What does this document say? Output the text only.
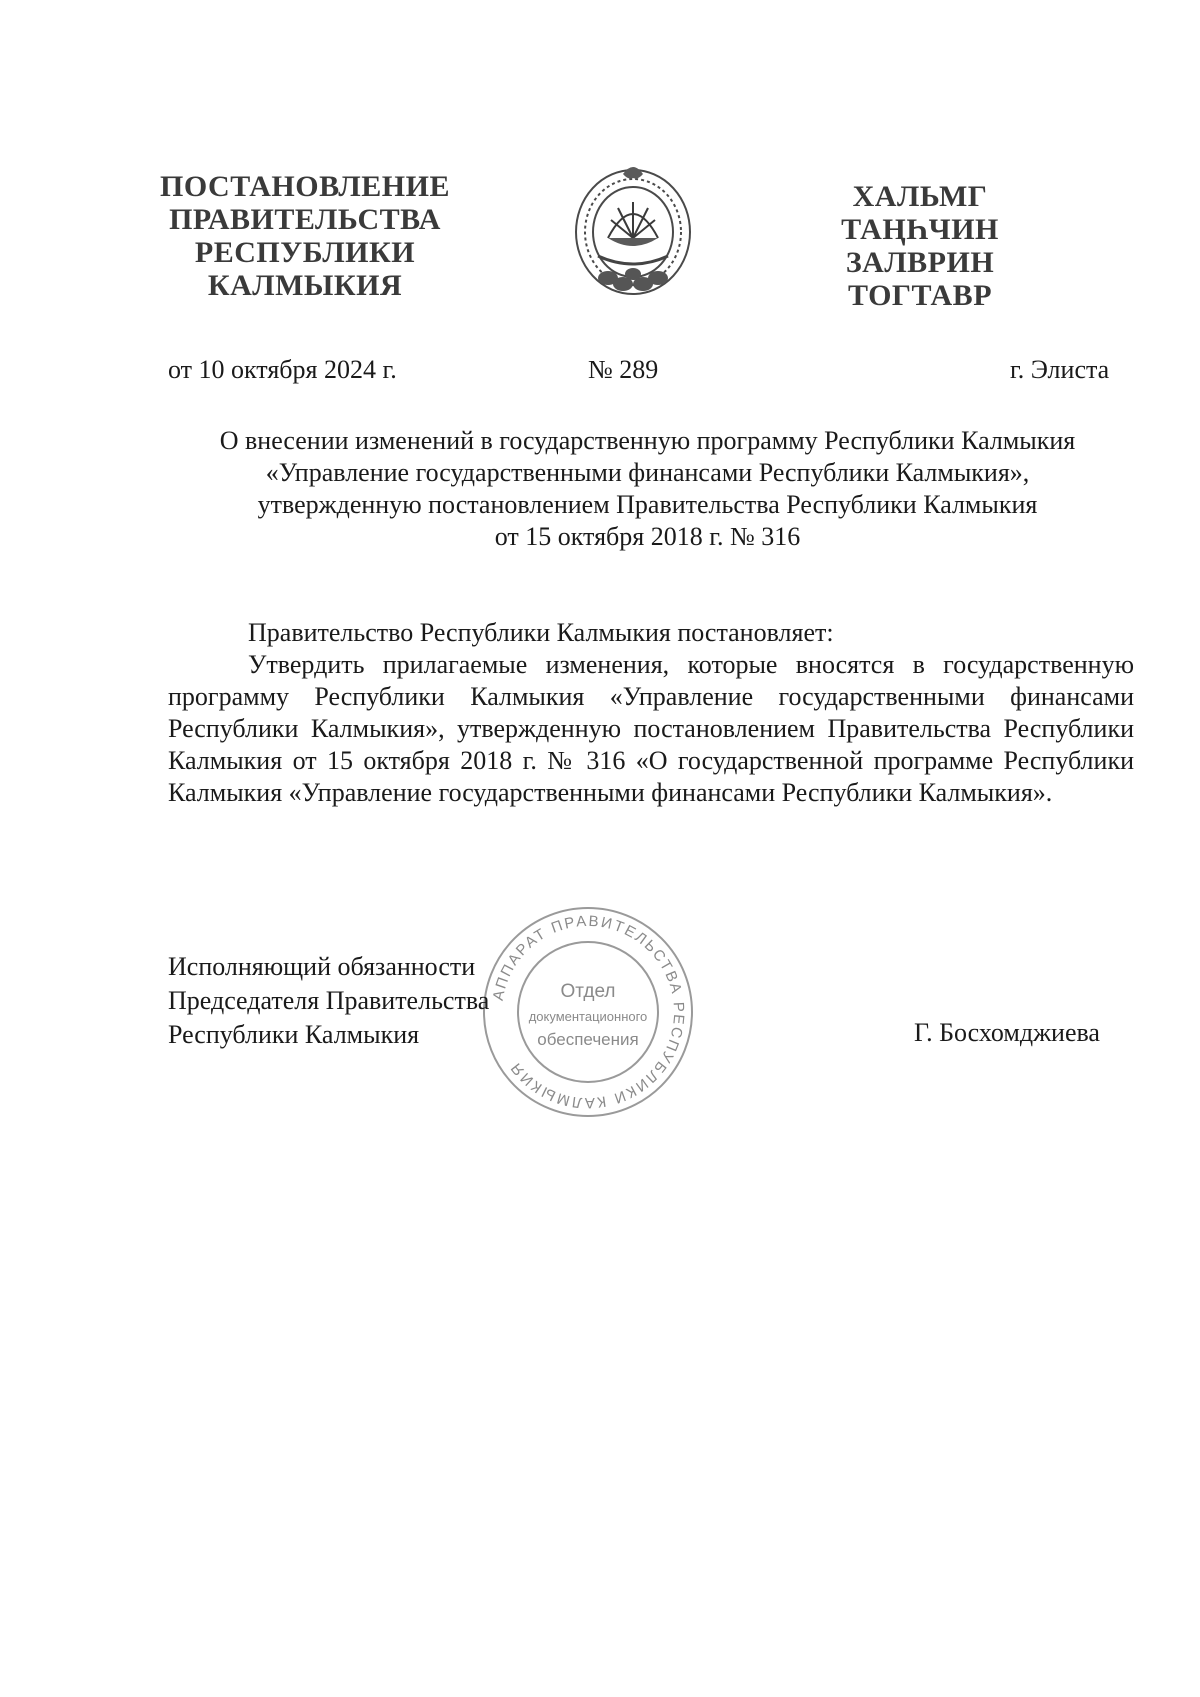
ПОСТАНОВЛЕНИЕ
ПРАВИТЕЛЬСТВА
РЕСПУБЛИКИ
КАЛМЫКИЯ
ХАЛЬМГ
ТАҢҺЧИН
ЗАЛВРИН
ТОГТАВР
от 10 октября 2024 г.	№ 289	г. Элиста
О внесении изменений в государственную программу Республики Калмыкия
«Управление государственными финансами Республики Калмыкия»,
утвержденную постановлением Правительства Республики Калмыкия
от 15 октября 2018 г. № 316
Правительство Республики Калмыкия постановляет:
Утвердить прилагаемые изменения, которые вносятся в государственную программу Республики Калмыкия «Управление государственными финансами Республики Калмыкия», утвержденную постановлением Правительства Республики Калмыкия от 15 октября 2018 г. № 316 «О государственной программе Республики Калмыкия «Управление государственными финансами Республики Калмыкия».
АППАРАТ ПРАВИТЕЛЬСТВА РЕСПУБЛИКИ КАЛМЫКИЯ
Отдел
документационного
обеспечения
Исполняющий обязанности
Председателя Правительства
Республики Калмыкия	Г. Босхомджиева
